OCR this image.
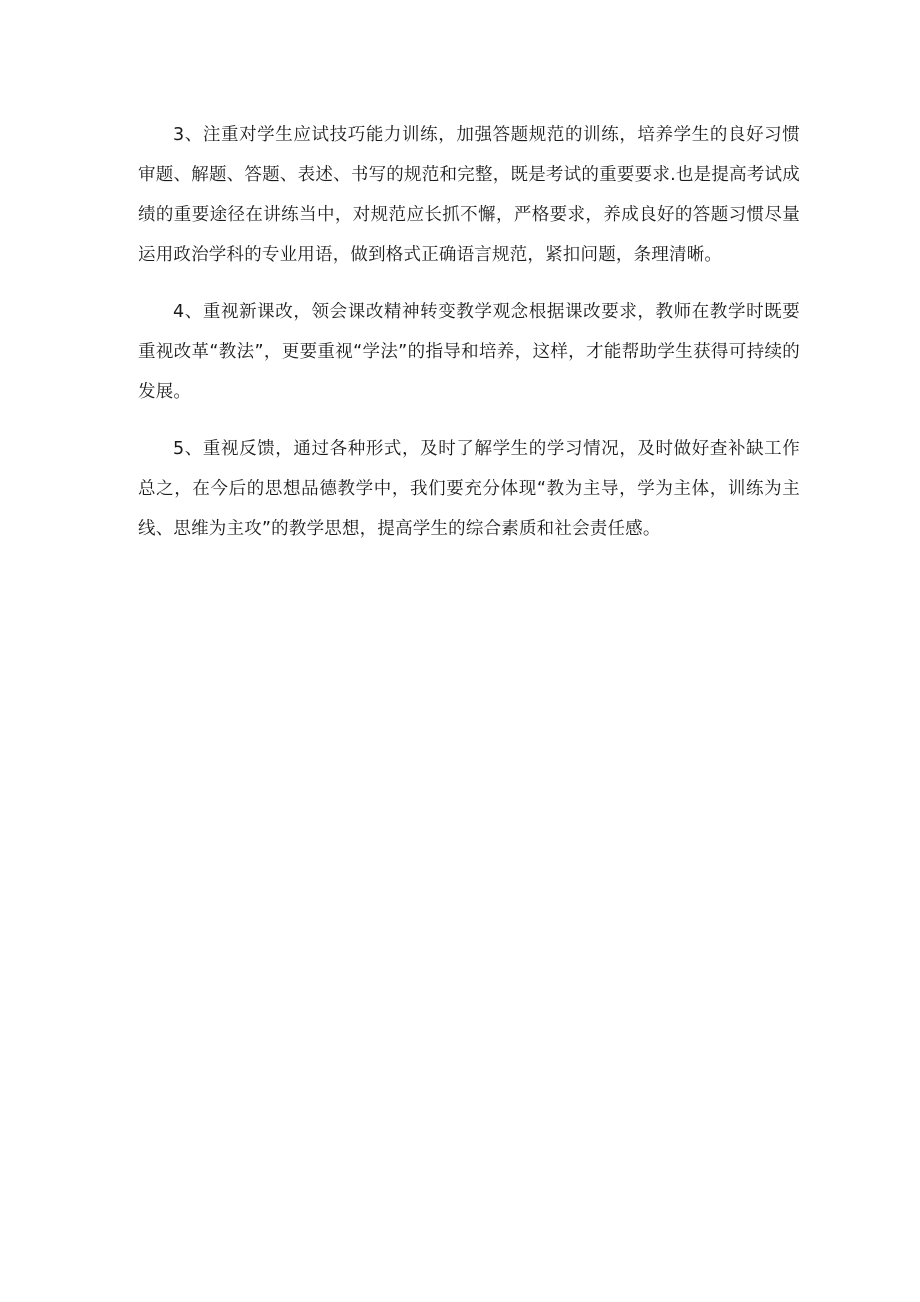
3、注重对学生应试技巧能力训练，加强答题规范的训练，培养学生的良好习惯审题、解题、答题、表述、书写的规范和完整，既是考试的重要要求.也是提高考试成绩的重要途径在讲练当中，对规范应长抓不懈，严格要求，养成良好的答题习惯尽量运用政治学科的专业用语，做到格式正确语言规范，紧扣问题，条理清晰。

4、重视新课改，领会课改精神转变教学观念根据课改要求，教师在教学时既要重视改革“教法”，更要重视“学法”的指导和培养，这样，才能帮助学生获得可持续的发展。

5、重视反馈，通过各种形式，及时了解学生的学习情况，及时做好查补缺工作总之，在今后的思想品德教学中，我们要充分体现“教为主导，学为主体，训练为主线、思维为主攻”的教学思想，提高学生的综合素质和社会责任感。
